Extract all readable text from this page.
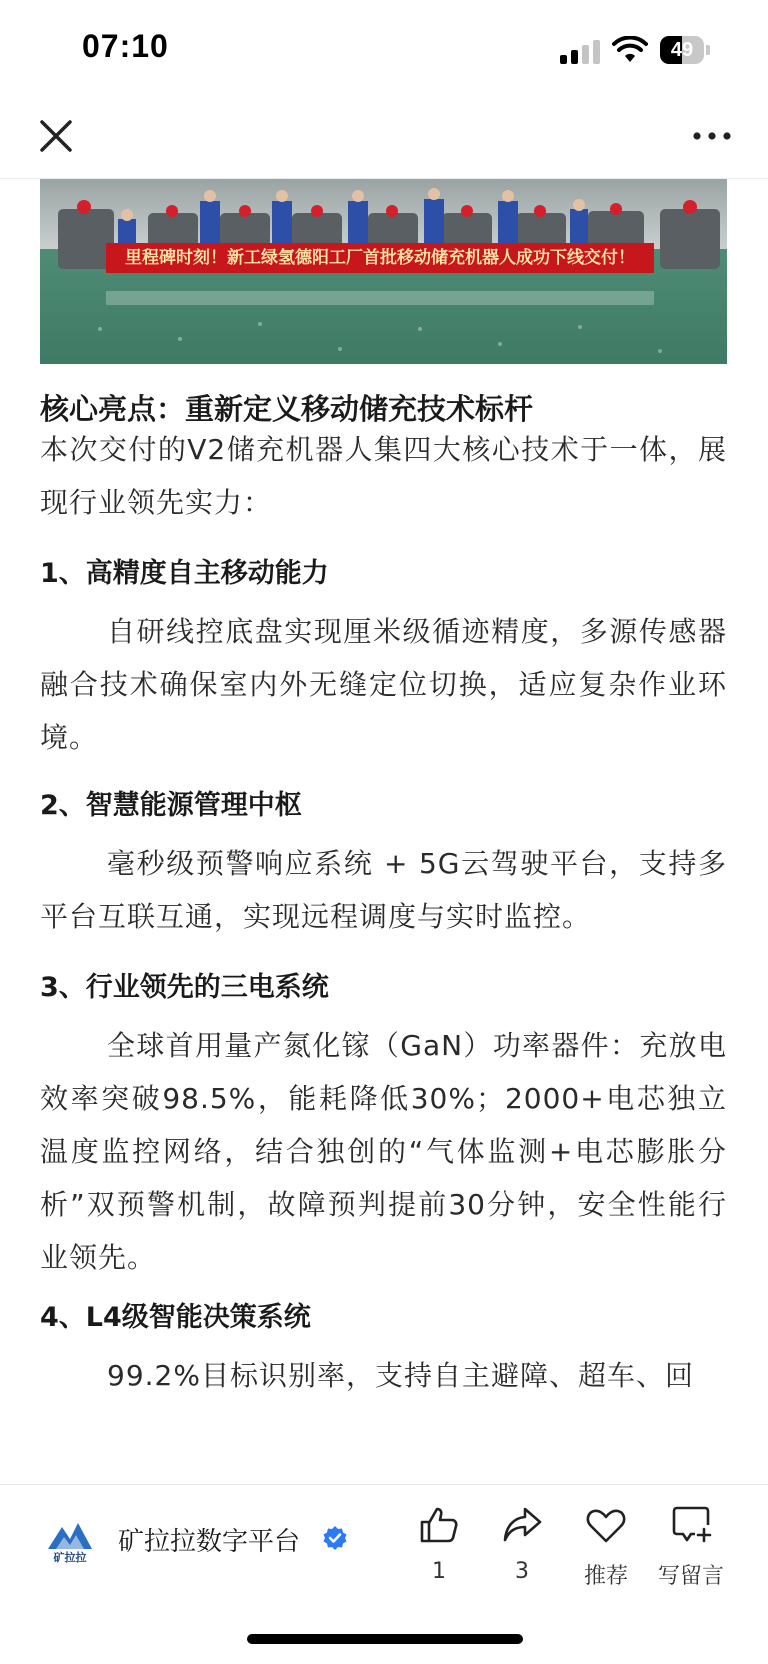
07:10	49
里程碑时刻！新工绿氢德阳工厂首批移动储充机器人成功下线交付！
核心亮点：重新定义移动储充技术标杆
本次交付的V2储充机器人集四大核心技术于一体，展现行业领先实力：
1、高精度自主移动能力
自研线控底盘实现厘米级循迹精度，多源传感器融合技术确保室内外无缝定位切换，适应复杂作业环境。
2、智慧能源管理中枢
毫秒级预警响应系统 + 5G云驾驶平台，支持多平台互联互通，实现远程调度与实时监控。
3、行业领先的三电系统
全球首用量产氮化镓（GaN）功率器件：充放电效率突破98.5%，能耗降低30%；2000+电芯独立温度监控网络，结合独创的“气体监测+电芯膨胀分析”双预警机制，故障预判提前30分钟，安全性能行业领先。
4、L4级智能决策系统
99.2%目标识别率，支持自主避障、超车、回
矿拉拉
矿拉拉数字平台
1	3	推荐	写留言
